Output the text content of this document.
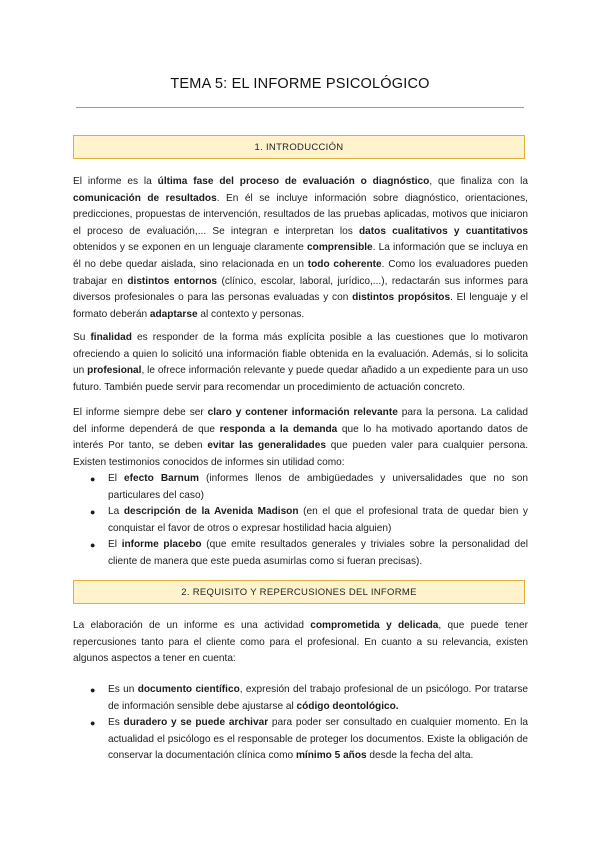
TEMA 5: EL INFORME PSICOLÓGICO
1. INTRODUCCIÓN

El informe es la última fase del proceso de evaluación o diagnóstico, que finaliza con la comunicación de resultados. En él se incluye información sobre diagnóstico, orientaciones, predicciones, propuestas de intervención, resultados de las pruebas aplicadas, motivos que iniciaron el proceso de evaluación,... Se integran e interpretan los datos cualitativos y cuantitativos obtenidos y se exponen en un lenguaje claramente comprensible. La información que se incluya en él no debe quedar aislada, sino relacionada en un todo coherente. Como los evaluadores pueden trabajar en distintos entornos (clínico, escolar, laboral, jurídico,...), redactarán sus informes para diversos profesionales o para las personas evaluadas y con distintos propósitos. El lenguaje y el formato deberán adaptarse al contexto y personas.

Su finalidad es responder de la forma más explícita posible a las cuestiones que lo motivaron ofreciendo a quien lo solicitó una información fiable obtenida en la evaluación. Además, si lo solicita un profesional, le ofrece información relevante y puede quedar añadido a un expediente para un uso futuro. También puede servir para recomendar un procedimiento de actuación concreto.

El informe siempre debe ser claro y contener información relevante para la persona. La calidad del informe dependerá de que responda a la demanda que lo ha motivado aportando datos de interés Por tanto, se deben evitar las generalidades que pueden valer para cualquier persona. Existen testimonios conocidos de informes sin utilidad como:

● El efecto Barnum (informes llenos de ambigüedades y universalidades que no son particulares del caso)
● La descripción de la Avenida Madison (en el que el profesional trata de quedar bien y conquistar el favor de otros o expresar hostilidad hacia alguien)
● El informe placebo (que emite resultados generales y triviales sobre la personalidad del cliente de manera que este pueda asumirlas como si fueran precisas).
2. REQUISITO Y REPERCUSIONES DEL INFORME

La elaboración de un informe es una actividad comprometida y delicada, que puede tener repercusiones tanto para el cliente como para el profesional. En cuanto a su relevancia, existen algunos aspectos a tener en cuenta:

● Es un documento científico, expresión del trabajo profesional de un psicólogo. Por tratarse de información sensible debe ajustarse al código deontológico.
● Es duradero y se puede archivar para poder ser consultado en cualquier momento. En la actualidad el psicólogo es el responsable de proteger los documentos. Existe la obligación de conservar la documentación clínica como mínimo 5 años desde la fecha del alta.
